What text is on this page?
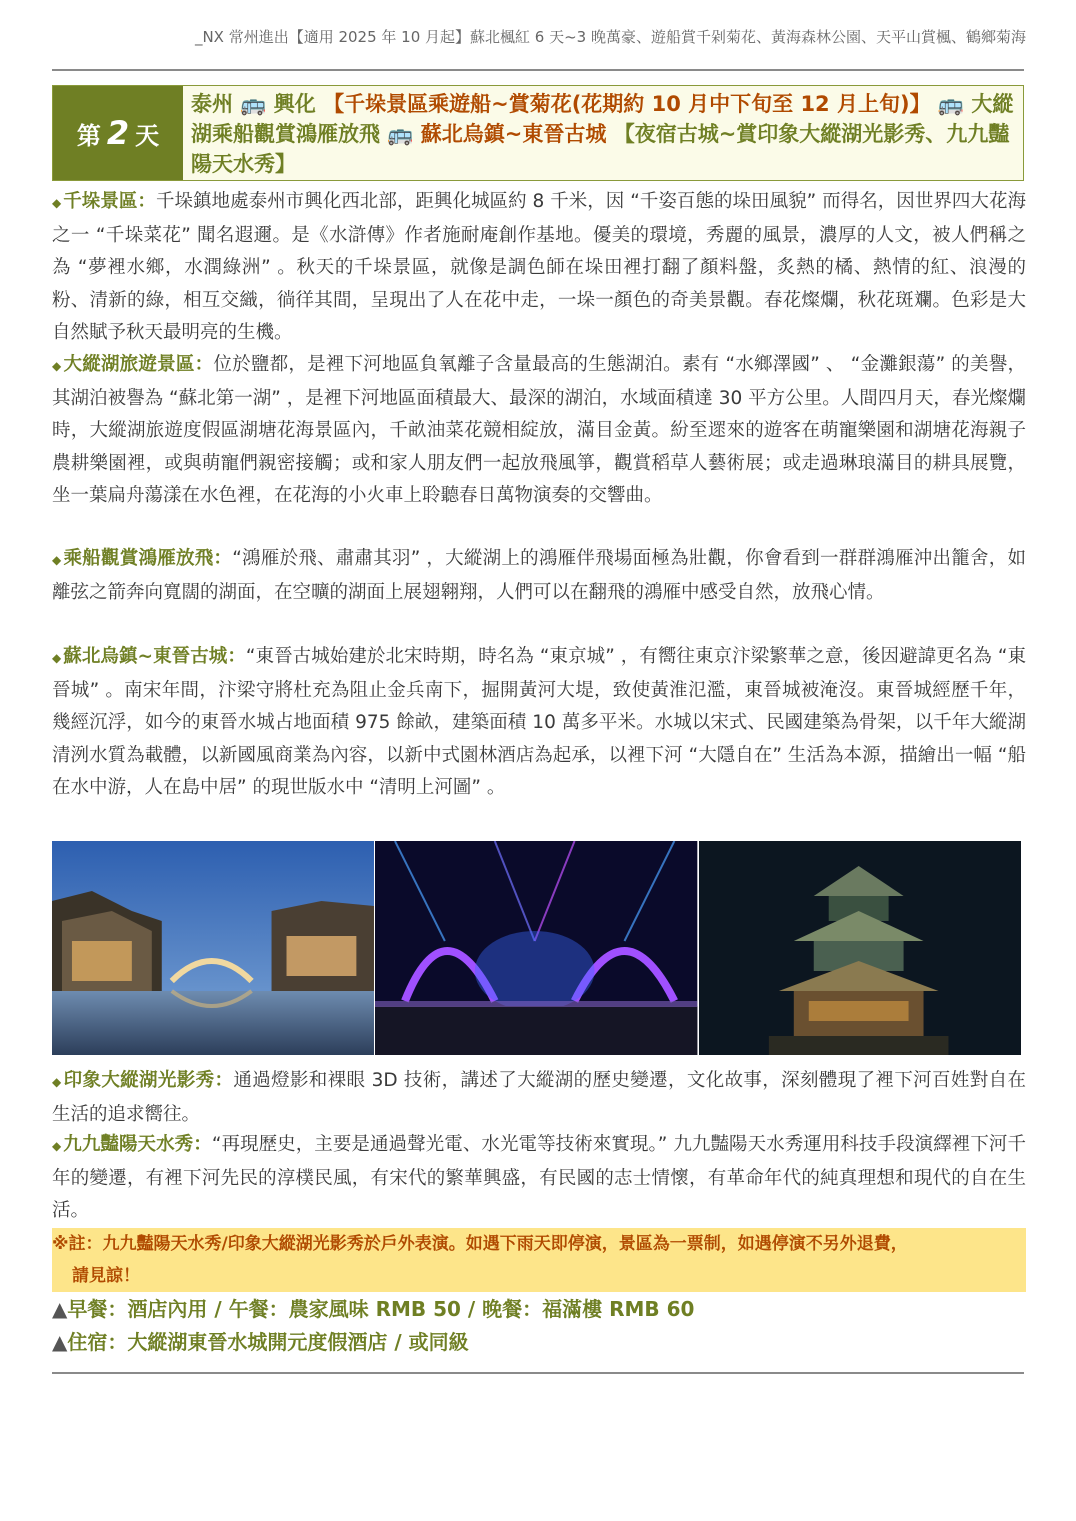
_NX 常州進出【適用 2025 年 10 月起】蘇北楓紅 6 天~3 晚萬豪、遊船賞千剁菊花、黃海森林公園、天平山賞楓、鶴鄉菊海
第 2 天
泰州 🚌 興化 【千垛景區乘遊船~賞菊花(花期約 10 月中下旬至 12 月上旬)】 🚌 大縱湖乘船觀賞鴻雁放飛 🚌 蘇北烏鎮~東晉古城 【夜宿古城~賞印象大縱湖光影秀、九九豔陽天水秀】
◆ 千垛景區：千垛鎮地處泰州市興化西北部，距興化城區約 8 千米，因 “千姿百態的垛田風貌” 而得名，因世界四大花海之一 “千垛菜花” 聞名遐邇。是《水滸傳》作者施耐庵創作基地。優美的環境，秀麗的風景，濃厚的人文，被人們稱之為 “夢裡水鄉，水潤綠洲” 。秋天的千垛景區，就像是調色師在垛田裡打翻了顏料盤，炙熱的橘、熱情的紅、浪漫的粉、清新的綠，相互交織，徜徉其間，呈現出了人在花中走，一垛一顏色的奇美景觀。春花燦爛，秋花斑斕。色彩是大自然賦予秋天最明亮的生機。
◆ 大縱湖旅遊景區：位於鹽都，是裡下河地區負氧離子含量最高的生態湖泊。素有 “水鄉澤國” 、 “金灘銀蕩” 的美譽，其湖泊被譽為 “蘇北第一湖” ，是裡下河地區面積最大、最深的湖泊，水域面積達 30 平方公里。人間四月天，春光燦爛時，大縱湖旅遊度假區湖塘花海景區內，千畝油菜花競相綻放，滿目金黃。紛至遝來的遊客在萌寵樂園和湖塘花海親子農耕樂園裡，或與萌寵們親密接觸；或和家人朋友們一起放飛風箏，觀賞稻草人藝術展；或走過琳琅滿目的耕具展覽，坐一葉扁舟蕩漾在水色裡，在花海的小火車上聆聽春日萬物演奏的交響曲。
◆ 乘船觀賞鴻雁放飛：“鴻雁於飛、肅肅其羽” ，大縱湖上的鴻雁伴飛場面極為壯觀，你會看到一群群鴻雁沖出籠舍，如離弦之箭奔向寬闊的湖面，在空曠的湖面上展翅翱翔，人們可以在翻飛的鴻雁中感受自然，放飛心情。
◆ 蘇北烏鎮~東晉古城：“東晉古城始建於北宋時期，時名為 “東京城” ，有嚮往東京汴梁繁華之意，後因避諱更名為 “東晉城” 。南宋年間，汴梁守將杜充為阻止金兵南下，掘開黃河大堤，致使黃淮氾濫，東晉城被淹沒。東晉城經歷千年，幾經沉浮，如今的東晉水城占地面積 975 餘畝，建築面積 10 萬多平米。水城以宋式、民國建築為骨架，以千年大縱湖清洌水質為載體，以新國風商業為內容，以新中式園林酒店為起承，以裡下河 “大隱自在” 生活為本源，描繪出一幅 “船在水中游，人在島中居” 的現世版水中 “清明上河圖” 。
◆ 印象大縱湖光影秀：通過燈影和裸眼 3D 技術，講述了大縱湖的歷史變遷，文化故事，深刻體現了裡下河百姓對自在生活的追求嚮往。
◆ 九九豔陽天水秀：“再現歷史，主要是通過聲光電、水光電等技術來實現。” 九九豔陽天水秀運用科技手段演繹裡下河千年的變遷，有裡下河先民的淳樸民風，有宋代的繁華興盛，有民國的志士情懷，有革命年代的純真理想和現代的自在生活。
※註：九九豔陽天水秀/印象大縱湖光影秀於戶外表演。如遇下雨天即停演，景區為一票制，如遇停演不另外退費，
請見諒！
▲早餐：酒店內用 / 午餐：農家風味 RMB 50 / 晚餐：福滿樓 RMB 60
▲住宿：大縱湖東晉水城開元度假酒店 / 或同級
